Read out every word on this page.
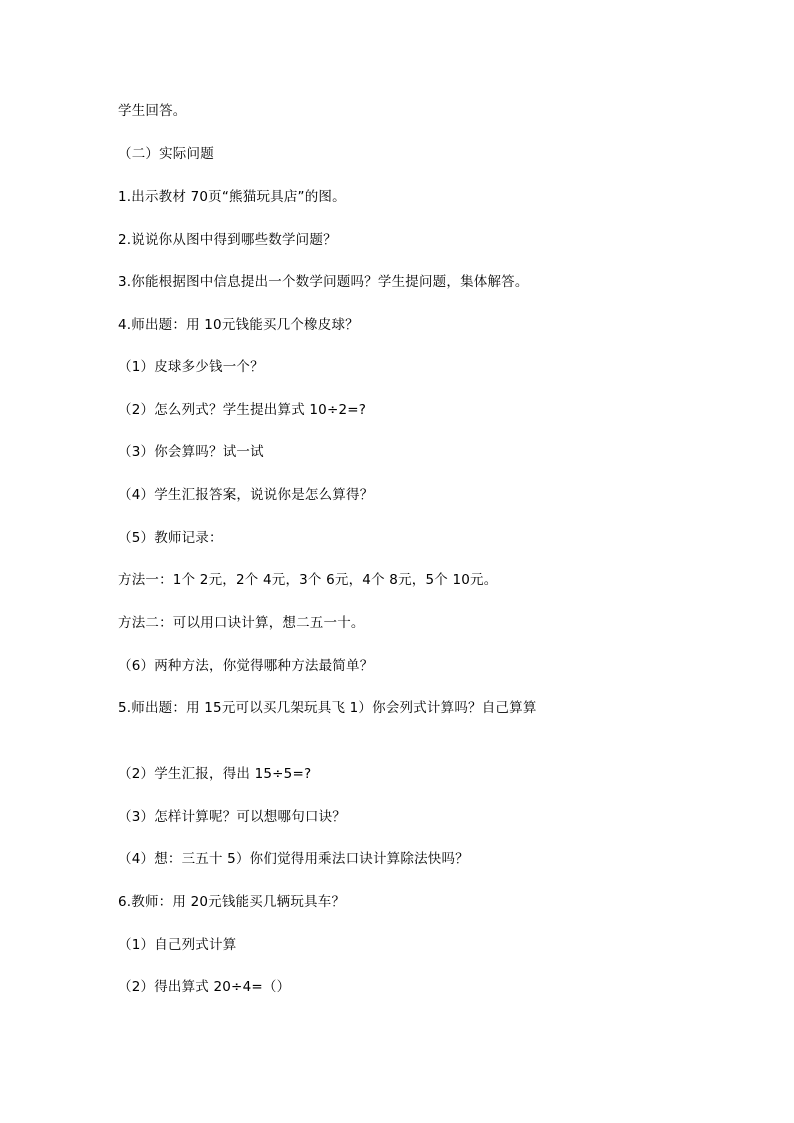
学生回答。
（二）实际问题
1.出示教材 70页“熊猫玩具店”的图。
2.说说你从图中得到哪些数学问题？
3.你能根据图中信息提出一个数学问题吗？学生提问题，集体解答。
4.师出题：用 10元钱能买几个橡皮球？
（1）皮球多少钱一个？
（2）怎么列式？学生提出算式 10÷2=?
（3）你会算吗？试一试
（4）学生汇报答案，说说你是怎么算得？
（5）教师记录：
方法一：1个 2元，2个 4元，3个 6元，4个 8元，5个 10元。
方法二：可以用口诀计算，想二五一十。
（6）两种方法，你觉得哪种方法最简单？
5.师出题：用 15元可以买几架玩具飞 1）你会列式计算吗？自己算算
（2）学生汇报，得出 15÷5=?
（3）怎样计算呢？可以想哪句口诀？
（4）想：三五十 5）你们觉得用乘法口诀计算除法快吗？
6.教师：用 20元钱能买几辆玩具车？
（1）自己列式计算
（2）得出算式 20÷4=（）
